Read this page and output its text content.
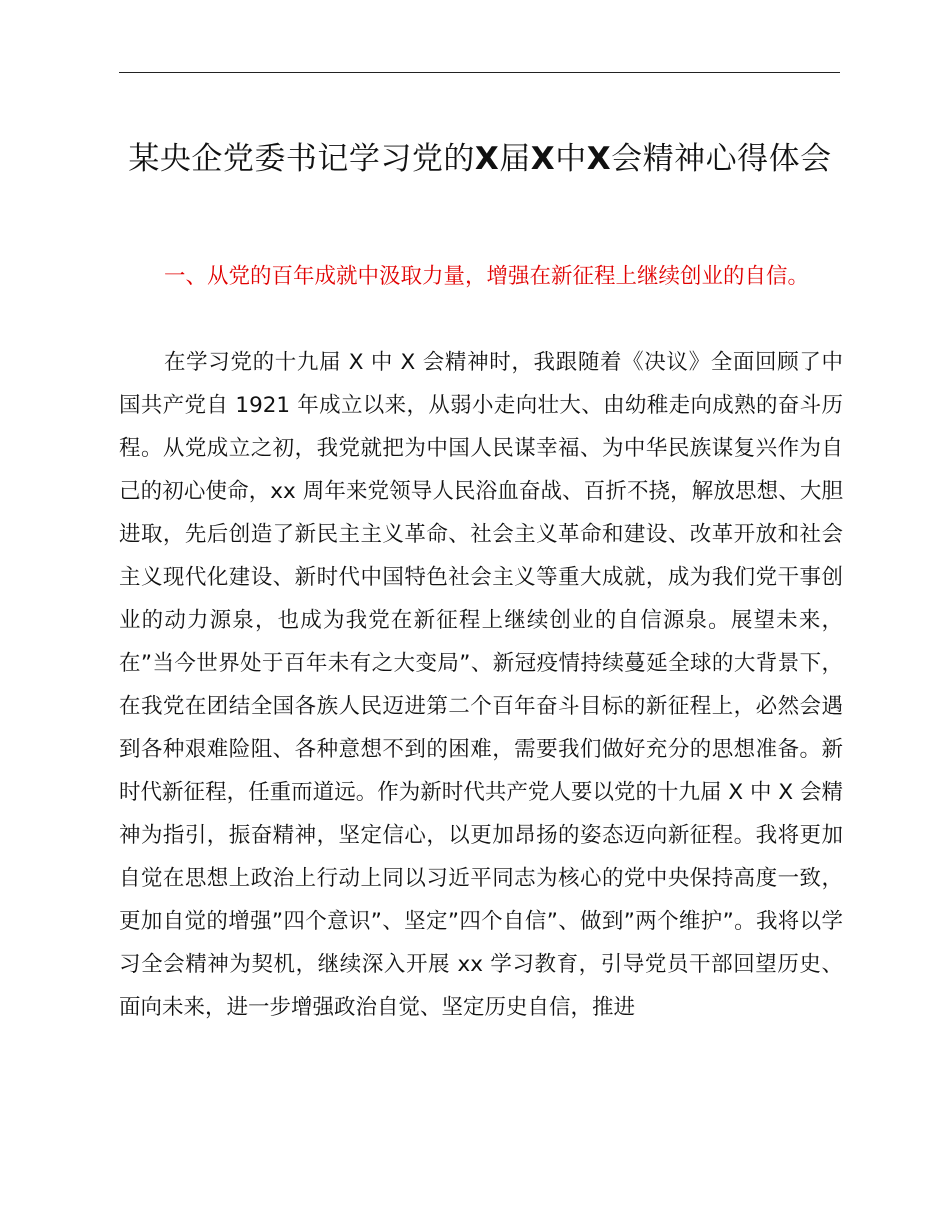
某央企党委书记学习党的X届X中X会精神心得体会

一、从党的百年成就中汲取力量，增强在新征程上继续创业的自信。

在学习党的十九届 X 中 X 会精神时，我跟随着《决议》全面回顾了中国共产党自 1921 年成立以来，从弱小走向壮大、由幼稚走向成熟的奋斗历程。从党成立之初，我党就把为中国人民谋幸福、为中华民族谋复兴作为自己的初心使命，xx 周年来党领导人民浴血奋战、百折不挠，解放思想、大胆进取，先后创造了新民主主义革命、社会主义革命和建设、改革开放和社会主义现代化建设、新时代中国特色社会主义等重大成就，成为我们党干事创业的动力源泉，也成为我党在新征程上继续创业的自信源泉。展望未来，在”当今世界处于百年未有之大变局”、新冠疫情持续蔓延全球的大背景下，在我党在团结全国各族人民迈进第二个百年奋斗目标的新征程上，必然会遇到各种艰难险阻、各种意想不到的困难，需要我们做好充分的思想准备。新时代新征程，任重而道远。作为新时代共产党人要以党的十九届 X 中 X 会精神为指引，振奋精神，坚定信心，以更加昂扬的姿态迈向新征程。我将更加自觉在思想上政治上行动上同以习近平同志为核心的党中央保持高度一致，更加自觉的增强”四个意识”、坚定”四个自信”、做到”两个维护”。我将以学习全会精神为契机，继续深入开展 xx 学习教育，引导党员干部回望历史、面向未来，进一步增强政治自觉、坚定历史自信，推进
